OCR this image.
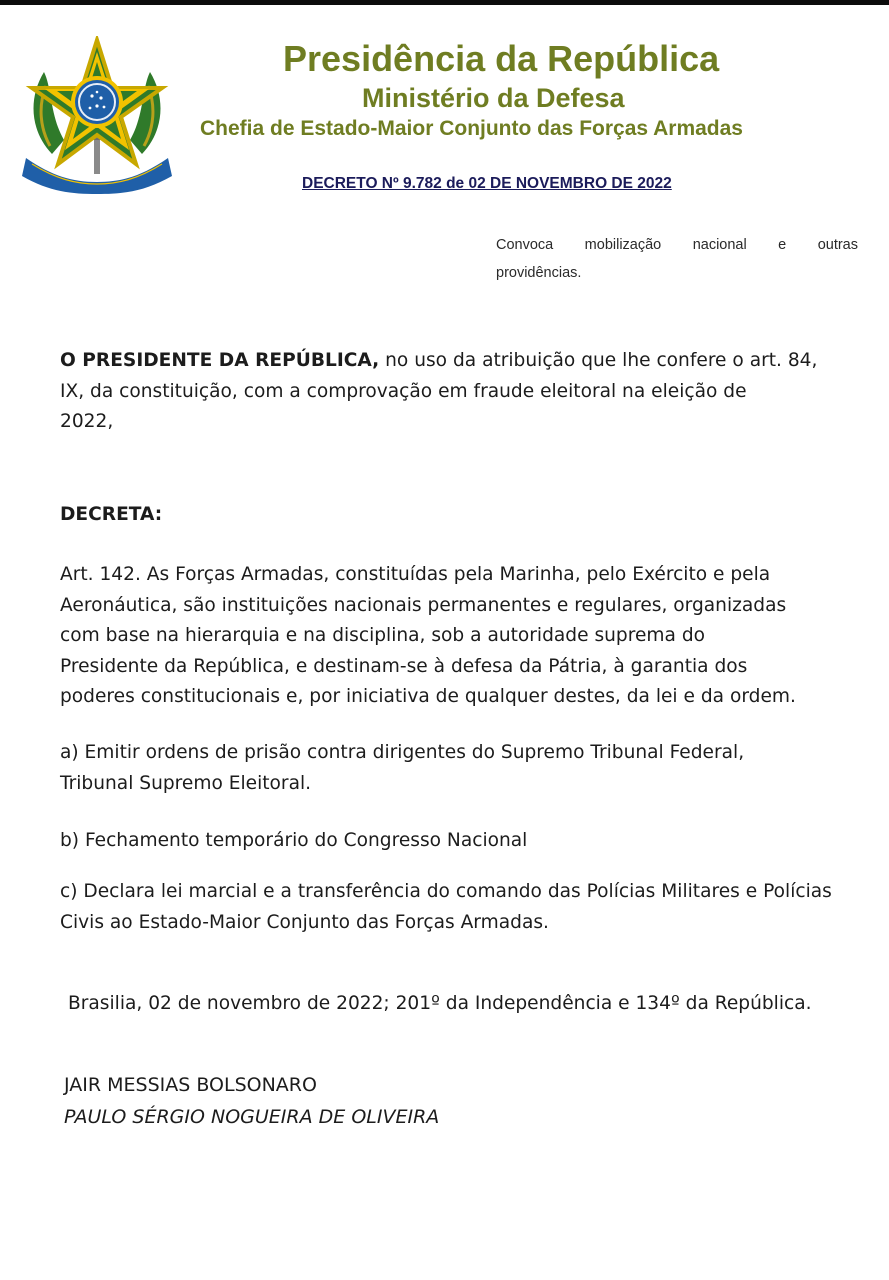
Presidência da República
Ministério da Defesa
Chefia de Estado-Maior Conjunto das Forças Armadas
DECRETO Nº 9.782 de 02 DE NOVEMBRO DE 2022
Convoca mobilização nacional e outras
providências.
O PRESIDENTE DA REPÚBLICA, no uso da atribuição que lhe confere o art. 84,
IX, da constituição, com a comprovação em fraude eleitoral na eleição de
2022,
DECRETA:
Art. 142. As Forças Armadas, constituídas pela Marinha, pelo Exército e pela
Aeronáutica, são instituições nacionais permanentes e regulares, organizadas
com base na hierarquia e na disciplina, sob a autoridade suprema do
Presidente da República, e destinam-se à defesa da Pátria, à garantia dos
poderes constitucionais e, por iniciativa de qualquer destes, da lei e da ordem.
a) Emitir ordens de prisão contra dirigentes do Supremo Tribunal Federal,
Tribunal Supremo Eleitoral.
b) Fechamento temporário do Congresso Nacional
c) Declara lei marcial e a transferência do comando das Polícias Militares e Polícias
Civis ao Estado-Maior Conjunto das Forças Armadas.
Brasilia, 02 de novembro de 2022; 201º da Independência e 134º da República.
JAIR MESSIAS BOLSONARO
PAULO SÉRGIO NOGUEIRA DE OLIVEIRA
